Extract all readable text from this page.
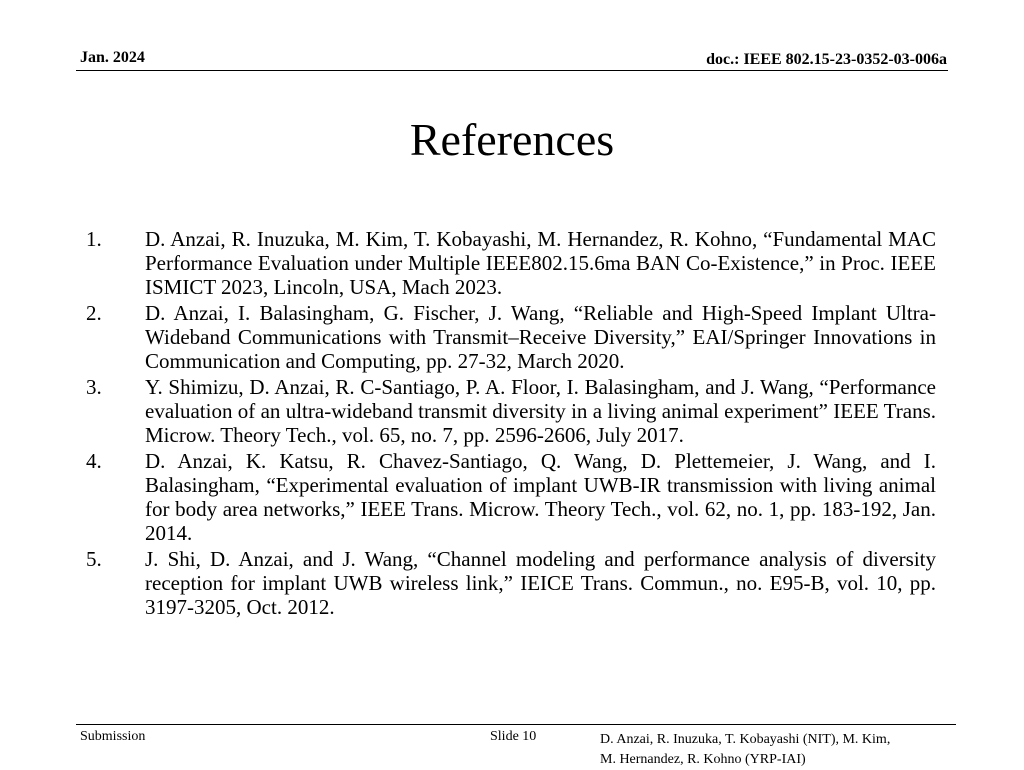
Jan. 2024	doc.: IEEE 802.15-23-0352-03-006a
References
1. D. Anzai, R. Inuzuka, M. Kim, T. Kobayashi, M. Hernandez, R. Kohno, “Fundamental MAC Performance Evaluation under Multiple IEEE802.15.6ma BAN Co-Existence,” in Proc. IEEE ISMICT 2023, Lincoln, USA, Mach 2023.
2. D. Anzai, I. Balasingham, G. Fischer, J. Wang, “Reliable and High-Speed Implant Ultra-Wideband Communications with Transmit–Receive Diversity,” EAI/Springer Innovations in Communication and Computing, pp. 27-32, March 2020.
3. Y. Shimizu, D. Anzai, R. C-Santiago, P. A. Floor, I. Balasingham, and J. Wang, “Performance evaluation of an ultra-wideband transmit diversity in a living animal experiment” IEEE Trans. Microw. Theory Tech., vol. 65, no. 7, pp. 2596-2606, July 2017.
4. D. Anzai, K. Katsu, R. Chavez-Santiago, Q. Wang, D. Plettemeier, J. Wang, and I. Balasingham, “Experimental evaluation of implant UWB-IR transmission with living animal for body area networks,” IEEE Trans. Microw. Theory Tech., vol. 62, no. 1, pp. 183-192, Jan. 2014.
5. J. Shi, D. Anzai, and J. Wang, “Channel modeling and performance analysis of diversity reception for implant UWB wireless link,” IEICE Trans. Commun., no. E95-B, vol. 10, pp. 3197-3205, Oct. 2012.
Submission	Slide 10	D. Anzai, R. Inuzuka, T. Kobayashi (NIT), M. Kim,
M. Hernandez, R. Kohno (YRP-IAI)
